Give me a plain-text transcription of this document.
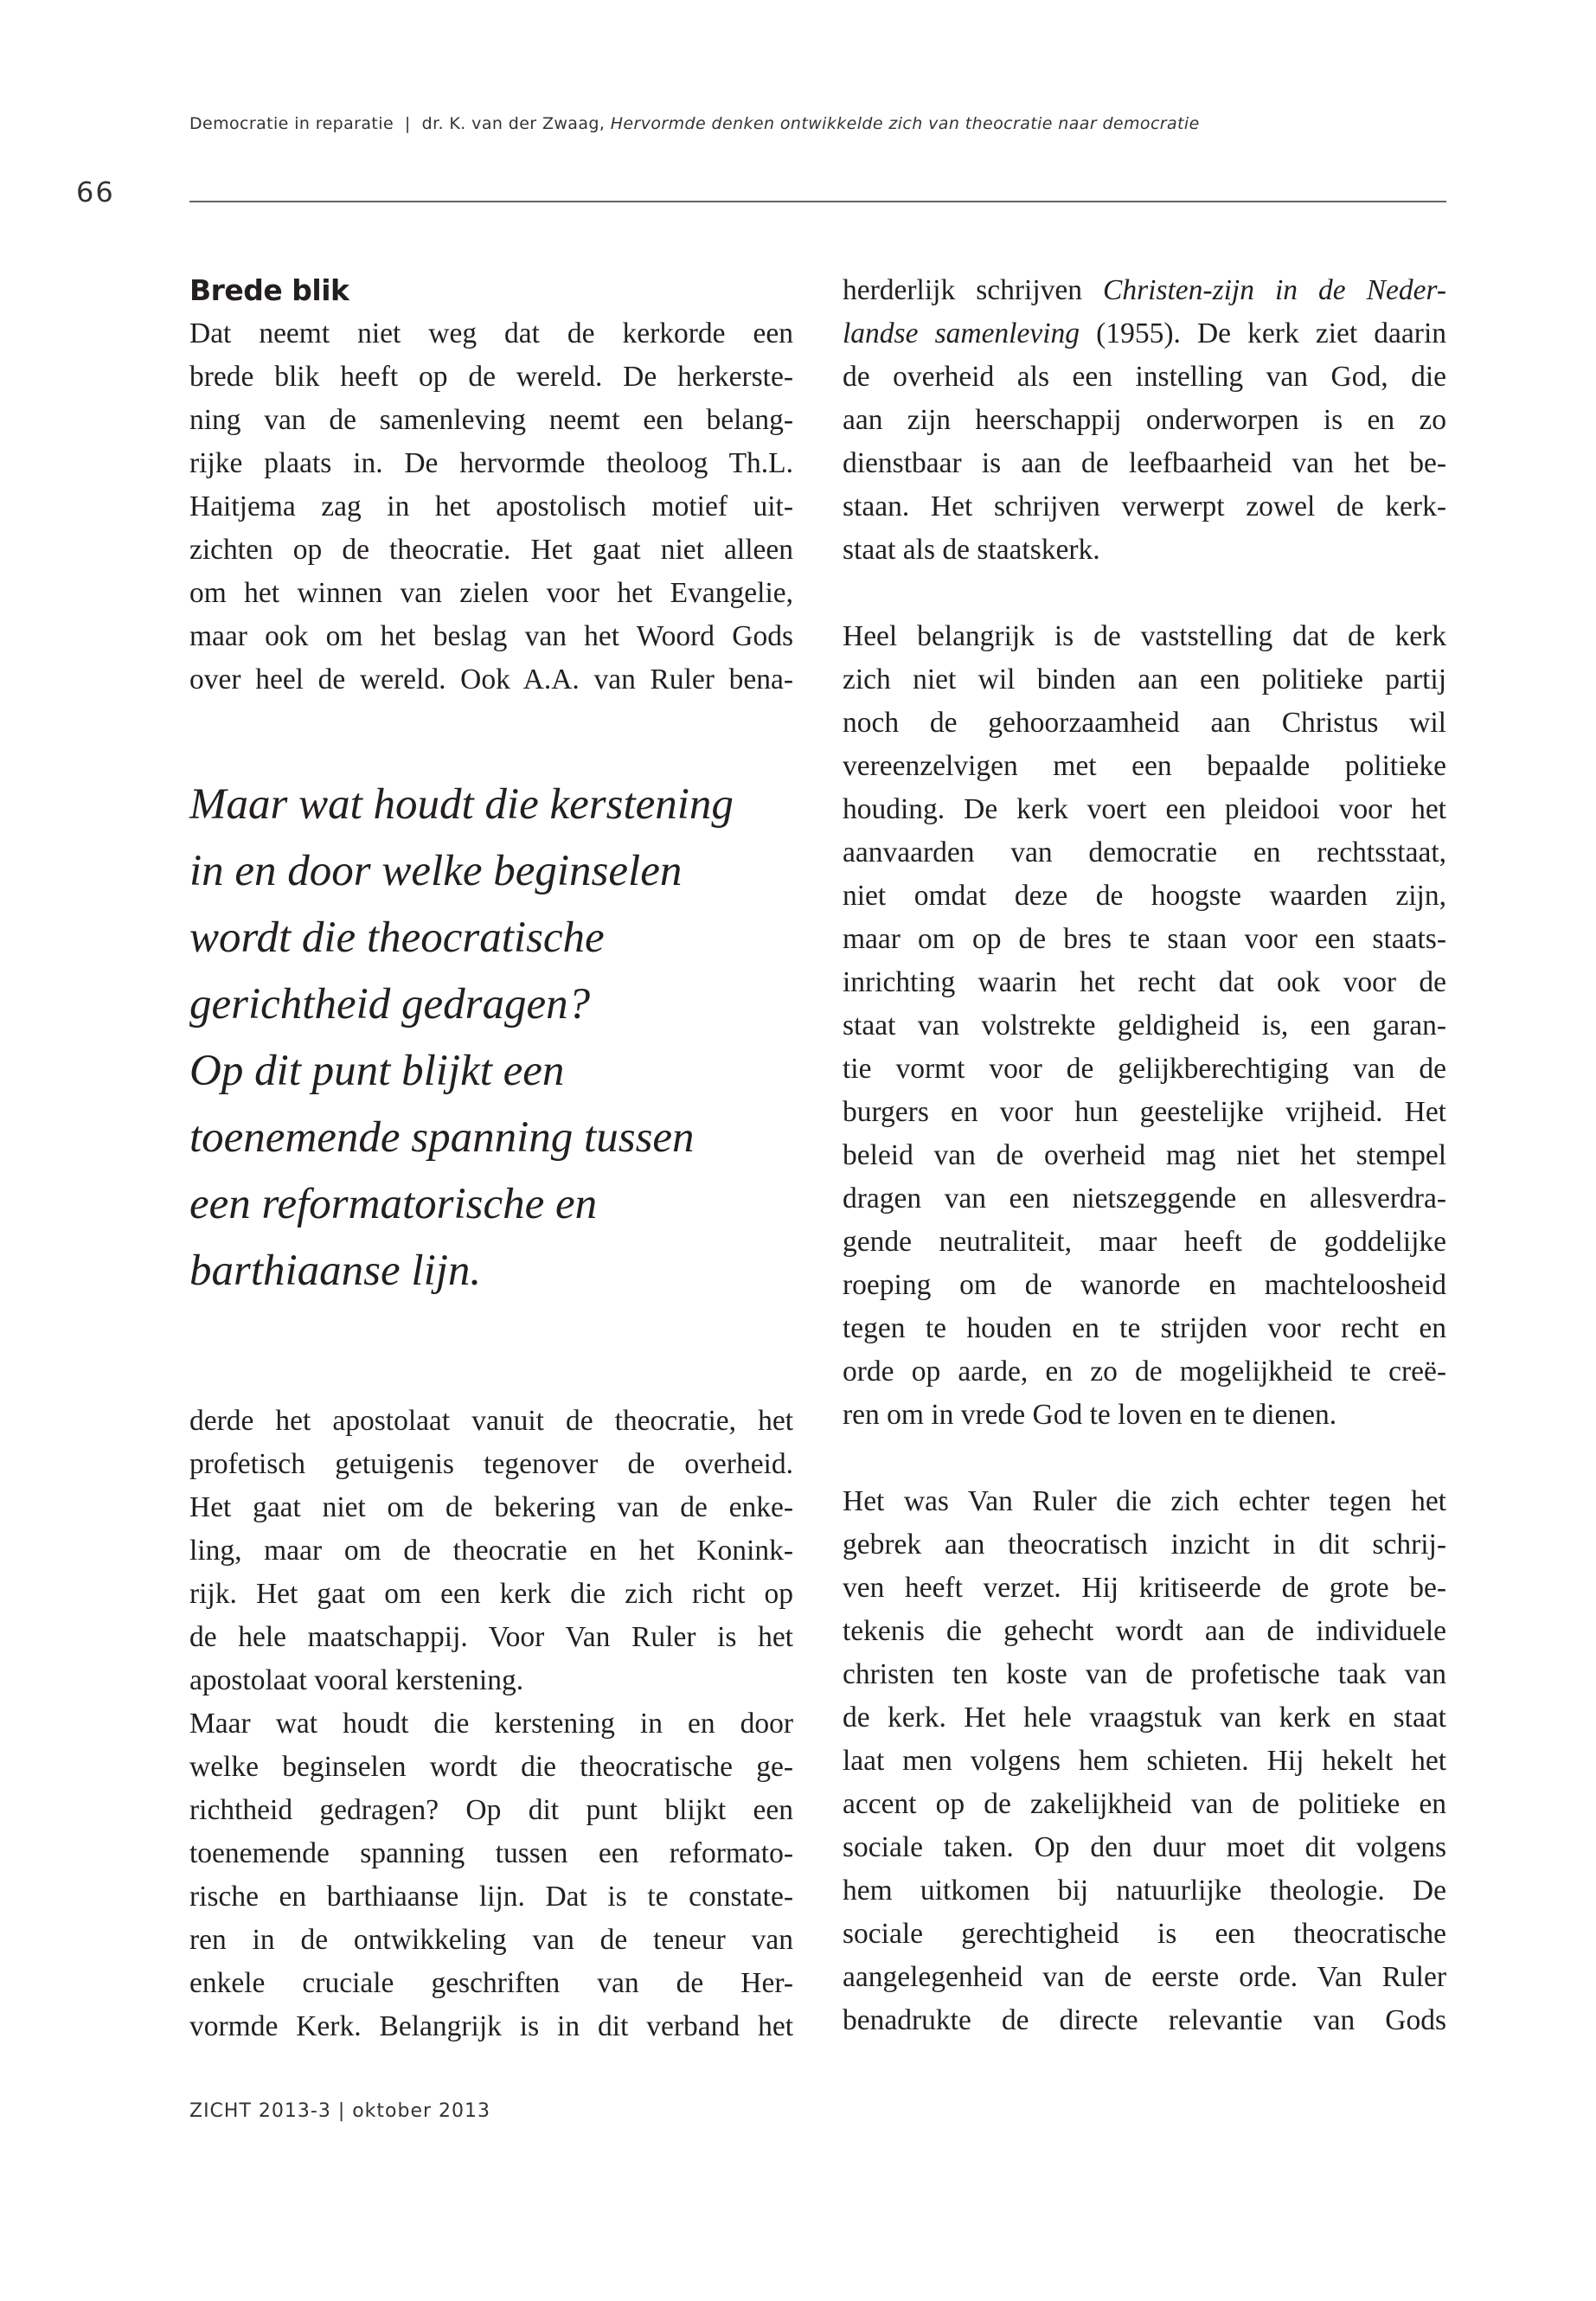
Democratie in reparatie | dr. K. van der Zwaag, Hervormde denken ontwikkelde zich van theocratie naar democratie
66
Brede blik
Dat neemt niet weg dat de kerkorde een
brede blik heeft op de wereld. De herkerste-
ning van de samenleving neemt een belang-
rijke plaats in. De hervormde theoloog Th.L.
Haitjema zag in het apostolisch motief uit-
zichten op de theocratie. Het gaat niet alleen
om het winnen van zielen voor het Evangelie,
maar ook om het beslag van het Woord Gods
over heel de wereld. Ook A.A. van Ruler bena-
Maar wat houdt die kerstening
in en door welke beginselen
wordt die theocratische
gerichtheid gedragen?
Op dit punt blijkt een
toenemende spanning tussen
een reformatorische en
barthiaanse lijn.
derde het apostolaat vanuit de theocratie, het
profetisch getuigenis tegenover de overheid.
Het gaat niet om de bekering van de enke-
ling, maar om de theocratie en het Konink-
rijk. Het gaat om een kerk die zich richt op
de hele maatschappij. Voor Van Ruler is het
apostolaat vooral kerstening.
Maar wat houdt die kerstening in en door
welke beginselen wordt die theocratische ge-
richtheid gedragen? Op dit punt blijkt een
toenemende spanning tussen een reformato-
rische en barthiaanse lijn. Dat is te constate-
ren in de ontwikkeling van de teneur van
enkele cruciale geschriften van de Her-
vormde Kerk. Belangrijk is in dit verband het
herderlijk schrijven Christen-zijn in de Neder-
landse samenleving (1955). De kerk ziet daarin
de overheid als een instelling van God, die
aan zijn heerschappij onderworpen is en zo
dienstbaar is aan de leefbaarheid van het be-
staan. Het schrijven verwerpt zowel de kerk-
staat als de staatskerk.
Heel belangrijk is de vaststelling dat de kerk
zich niet wil binden aan een politieke partij
noch de gehoorzaamheid aan Christus wil
vereenzelvigen met een bepaalde politieke
houding. De kerk voert een pleidooi voor het
aanvaarden van democratie en rechtsstaat,
niet omdat deze de hoogste waarden zijn,
maar om op de bres te staan voor een staats-
inrichting waarin het recht dat ook voor de
staat van volstrekte geldigheid is, een garan-
tie vormt voor de gelijkberechtiging van de
burgers en voor hun geestelijke vrijheid. Het
beleid van de overheid mag niet het stempel
dragen van een nietszeggende en allesverdra-
gende neutraliteit, maar heeft de goddelijke
roeping om de wanorde en machteloosheid
tegen te houden en te strijden voor recht en
orde op aarde, en zo de mogelijkheid te creë-
ren om in vrede God te loven en te dienen.
Het was Van Ruler die zich echter tegen het
gebrek aan theocratisch inzicht in dit schrij-
ven heeft verzet. Hij kritiseerde de grote be-
tekenis die gehecht wordt aan de individuele
christen ten koste van de profetische taak van
de kerk. Het hele vraagstuk van kerk en staat
laat men volgens hem schieten. Hij hekelt het
accent op de zakelijkheid van de politieke en
sociale taken. Op den duur moet dit volgens
hem uitkomen bij natuurlijke theologie. De
sociale gerechtigheid is een theocratische
aangelegenheid van de eerste orde. Van Ruler
benadrukte de directe relevantie van Gods
ZICHT 2013-3 | oktober 2013
